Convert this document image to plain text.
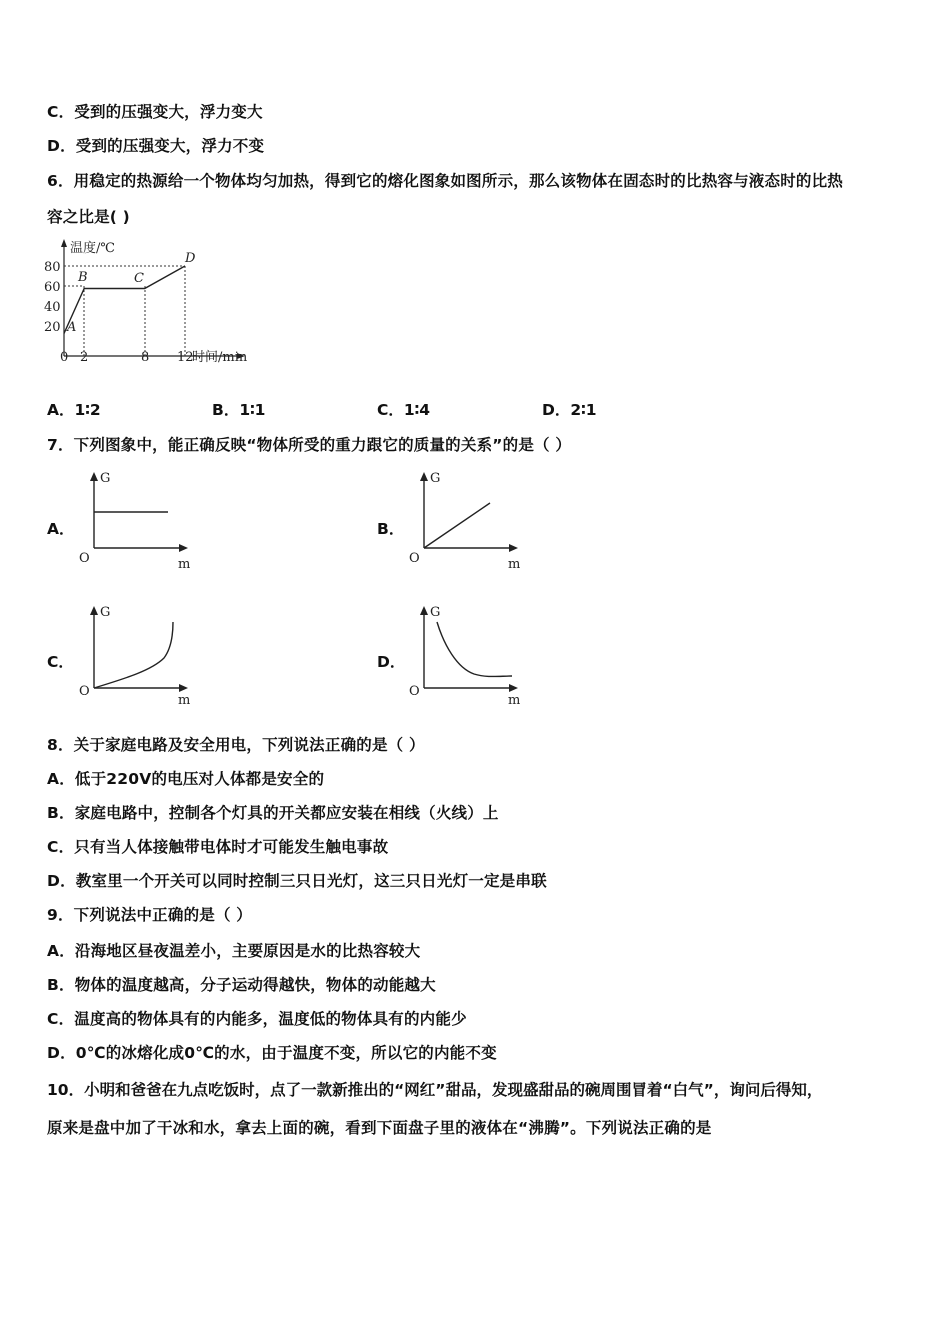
C．受到的压强变大，浮力变大
D．受到的压强变大，浮力不变
6．用稳定的热源给一个物体均匀加热，得到它的熔化图象如图所示，那么该物体在固态时的比热容与液态时的比热
容之比是( )
温度/℃
时间/min
80
60
40
20
0 2	8 12
A
B	C
D
A．1∶2	B．1∶1	C．1∶4	D．2∶1
7．下列图象中，能正确反映“物体所受的重力跟它的质量的关系”的是（ ）
A．
G
m
O
B．
G
m
O
C．
G
m
O
D．
G
m
O
8．关于家庭电路及安全用电，下列说法正确的是（ ）
A．低于220V的电压对人体都是安全的
B．家庭电路中，控制各个灯具的开关都应安装在相线（火线）上
C．只有当人体接触带电体时才可能发生触电事故
D．教室里一个开关可以同时控制三只日光灯，这三只日光灯一定是串联
9．下列说法中正确的是（ ）
A．沿海地区昼夜温差小，主要原因是水的比热容较大
B．物体的温度越高，分子运动得越快，物体的动能越大
C．温度高的物体具有的内能多，温度低的物体具有的内能少
D．0℃的冰熔化成0℃的水，由于温度不变，所以它的内能不变
10．小明和爸爸在九点吃饭时，点了一款新推出的“网红”甜品，发现盛甜品的碗周围冒着“白气”，询问后得知，
原来是盘中加了干冰和水，拿去上面的碗，看到下面盘子里的液体在“沸腾”。下列说法正确的是
